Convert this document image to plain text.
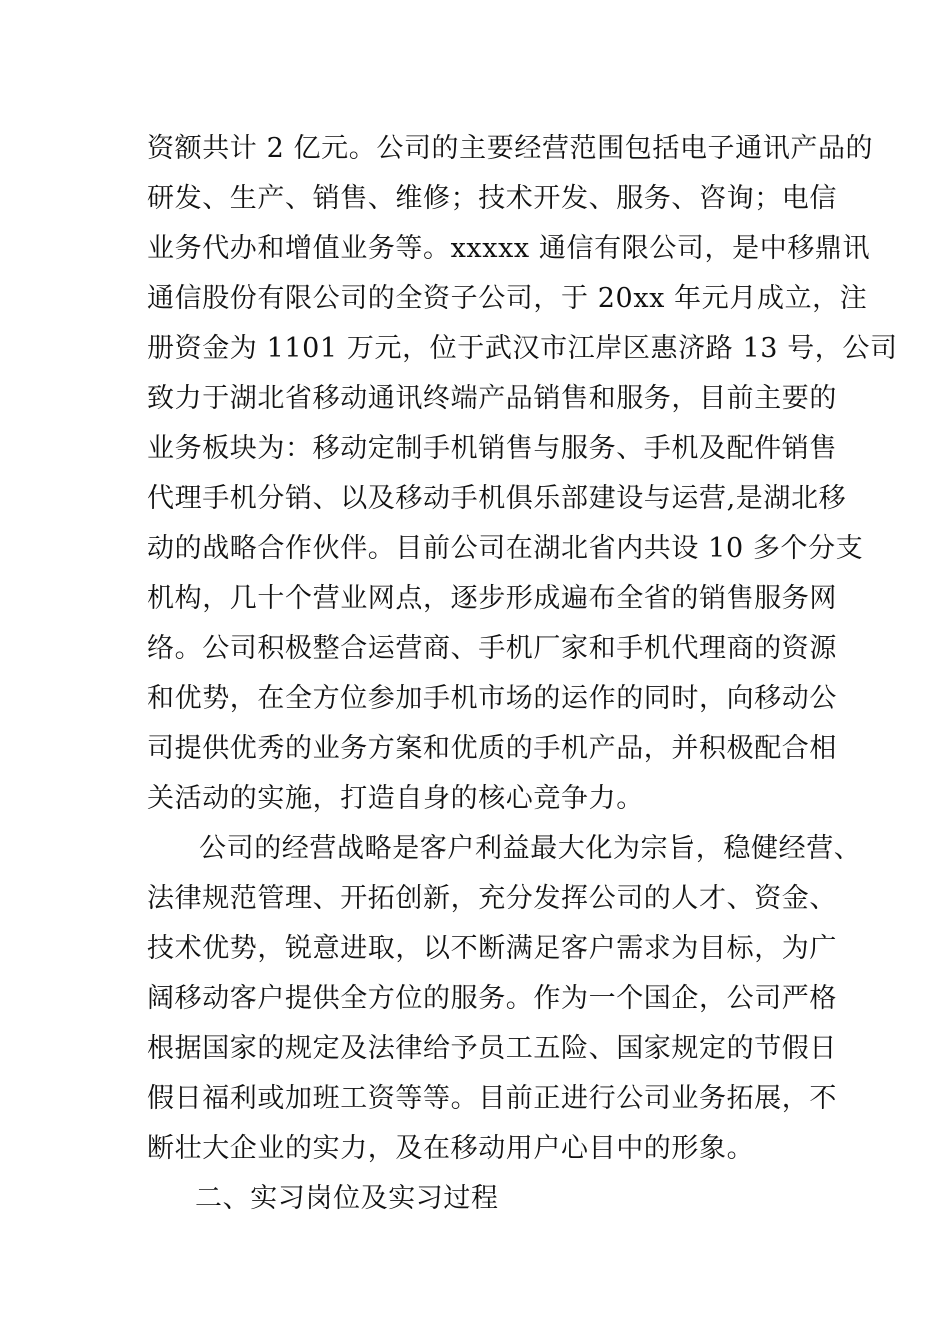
资额共计 2 亿元。公司的主要经营范围包括电子通讯产品的
研发、生产、销售、维修；技术开发、服务、咨询；电信
业务代办和增值业务等。xxxxx 通信有限公司，是中移鼎讯
通信股份有限公司的全资子公司，于 20xx 年元月成立，注
册资金为 1101 万元，位于武汉市江岸区惠济路 13 号，公司
致力于湖北省移动通讯终端产品销售和服务，目前主要的
业务板块为：移动定制手机销售与服务、手机及配件销售
代理手机分销、以及移动手机俱乐部建设与运营,是湖北移
动的战略合作伙伴。目前公司在湖北省内共设 10 多个分支
机构，几十个营业网点，逐步形成遍布全省的销售服务网
络。公司积极整合运营商、手机厂家和手机代理商的资源
和优势，在全方位参加手机市场的运作的同时，向移动公
司提供优秀的业务方案和优质的手机产品，并积极配合相
关活动的实施，打造自身的核心竞争力。
公司的经营战略是客户利益最大化为宗旨，稳健经营、
法律规范管理、开拓创新，充分发挥公司的人才、资金、
技术优势，锐意进取，以不断满足客户需求为目标，为广
阔移动客户提供全方位的服务。作为一个国企，公司严格
根据国家的规定及法律给予员工五险、国家规定的节假日
假日福利或加班工资等等。目前正进行公司业务拓展，不
断壮大企业的实力，及在移动用户心目中的形象。
二、实习岗位及实习过程
